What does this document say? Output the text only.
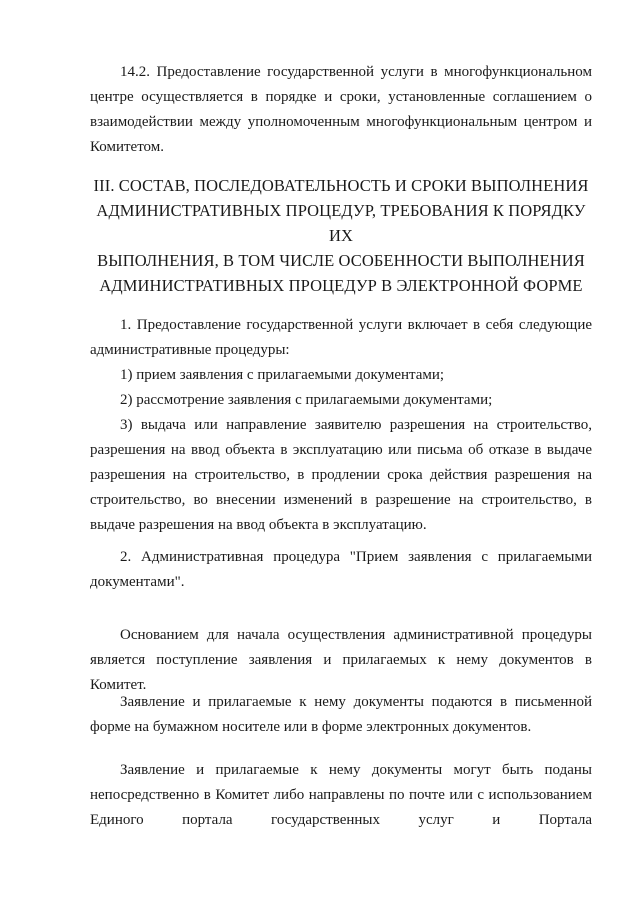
14.2. Предоставление государственной услуги в многофункциональном центре осуществляется в порядке и сроки, установленные соглашением о взаимодействии между уполномоченным многофункциональным центром и Комитетом.

III. СОСТАВ, ПОСЛЕДОВАТЕЛЬНОСТЬ И СРОКИ ВЫПОЛНЕНИЯ
АДМИНИСТРАТИВНЫХ ПРОЦЕДУР, ТРЕБОВАНИЯ К ПОРЯДКУ
ИХ
ВЫПОЛНЕНИЯ, В ТОМ ЧИСЛЕ ОСОБЕННОСТИ ВЫПОЛНЕНИЯ
АДМИНИСТРАТИВНЫХ ПРОЦЕДУР В ЭЛЕКТРОННОЙ ФОРМЕ

1. Предоставление государственной услуги включает в себя следующие административные процедуры:

1) прием заявления с прилагаемыми документами;

2) рассмотрение заявления с прилагаемыми документами;

3) выдача или направление заявителю разрешения на строительство, разрешения на ввод объекта в эксплуатацию или письма об отказе в выдаче разрешения на строительство, в продлении срока действия разрешения на строительство, во внесении изменений в разрешение на строительство, в выдаче разрешения на ввод объекта в эксплуатацию.

2. Административная процедура "Прием заявления с прилагаемыми документами".

Основанием для начала осуществления административной процедуры является поступление заявления и прилагаемых к нему документов в Комитет.

Заявление и прилагаемые к нему документы подаются в письменной форме на бумажном носителе или в форме электронных документов.

Заявление и прилагаемые к нему документы могут быть поданы непосредственно в Комитет либо направлены по почте или с использованием Единого портала государственных услуг и Портала
